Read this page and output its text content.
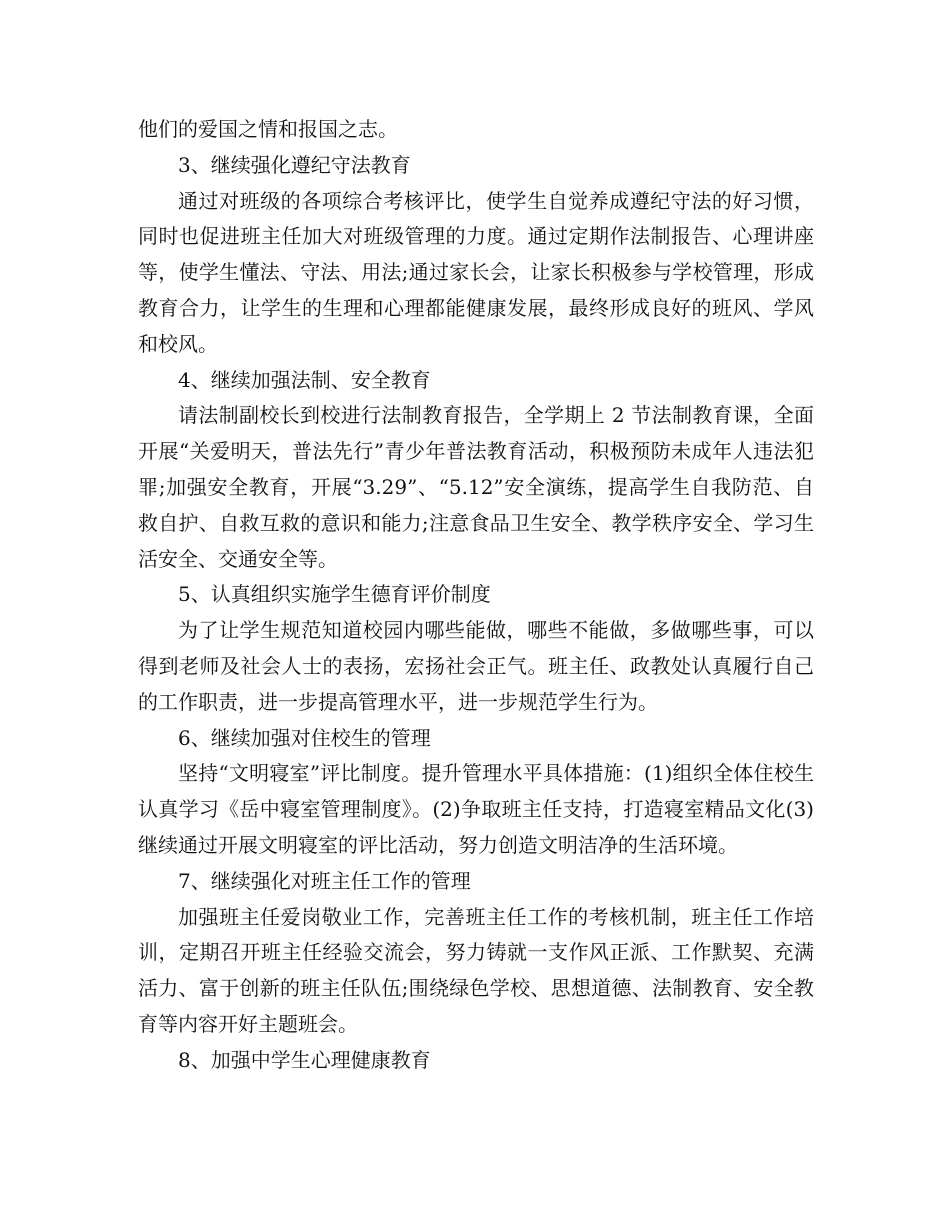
他们的爱国之情和报国之志。

3、继续强化遵纪守法教育

通过对班级的各项综合考核评比，使学生自觉养成遵纪守法的好习惯，同时也促进班主任加大对班级管理的力度。通过定期作法制报告、心理讲座等，使学生懂法、守法、用法;通过家长会，让家长积极参与学校管理，形成教育合力，让学生的生理和心理都能健康发展，最终形成良好的班风、学风和校风。

4、继续加强法制、安全教育

请法制副校长到校进行法制教育报告，全学期上 2 节法制教育课，全面开展“关爱明天，普法先行”青少年普法教育活动，积极预防未成年人违法犯罪;加强安全教育，开展“3.29”、“5.12”安全演练，提高学生自我防范、自救自护、自救互救的意识和能力;注意食品卫生安全、教学秩序安全、学习生活安全、交通安全等。

5、认真组织实施学生德育评价制度

为了让学生规范知道校园内哪些能做，哪些不能做，多做哪些事，可以得到老师及社会人士的表扬，宏扬社会正气。班主任、政教处认真履行自己的工作职责，进一步提高管理水平，进一步规范学生行为。

6、继续加强对住校生的管理

坚持“文明寝室”评比制度。提升管理水平具体措施：(1)组织全体住校生认真学习《岳中寝室管理制度》。(2)争取班主任支持，打造寝室精品文化(3)继续通过开展文明寝室的评比活动，努力创造文明洁净的生活环境。

7、继续强化对班主任工作的管理

加强班主任爱岗敬业工作，完善班主任工作的考核机制，班主任工作培训，定期召开班主任经验交流会，努力铸就一支作风正派、工作默契、充满活力、富于创新的班主任队伍;围绕绿色学校、思想道德、法制教育、安全教育等内容开好主题班会。

8、加强中学生心理健康教育
